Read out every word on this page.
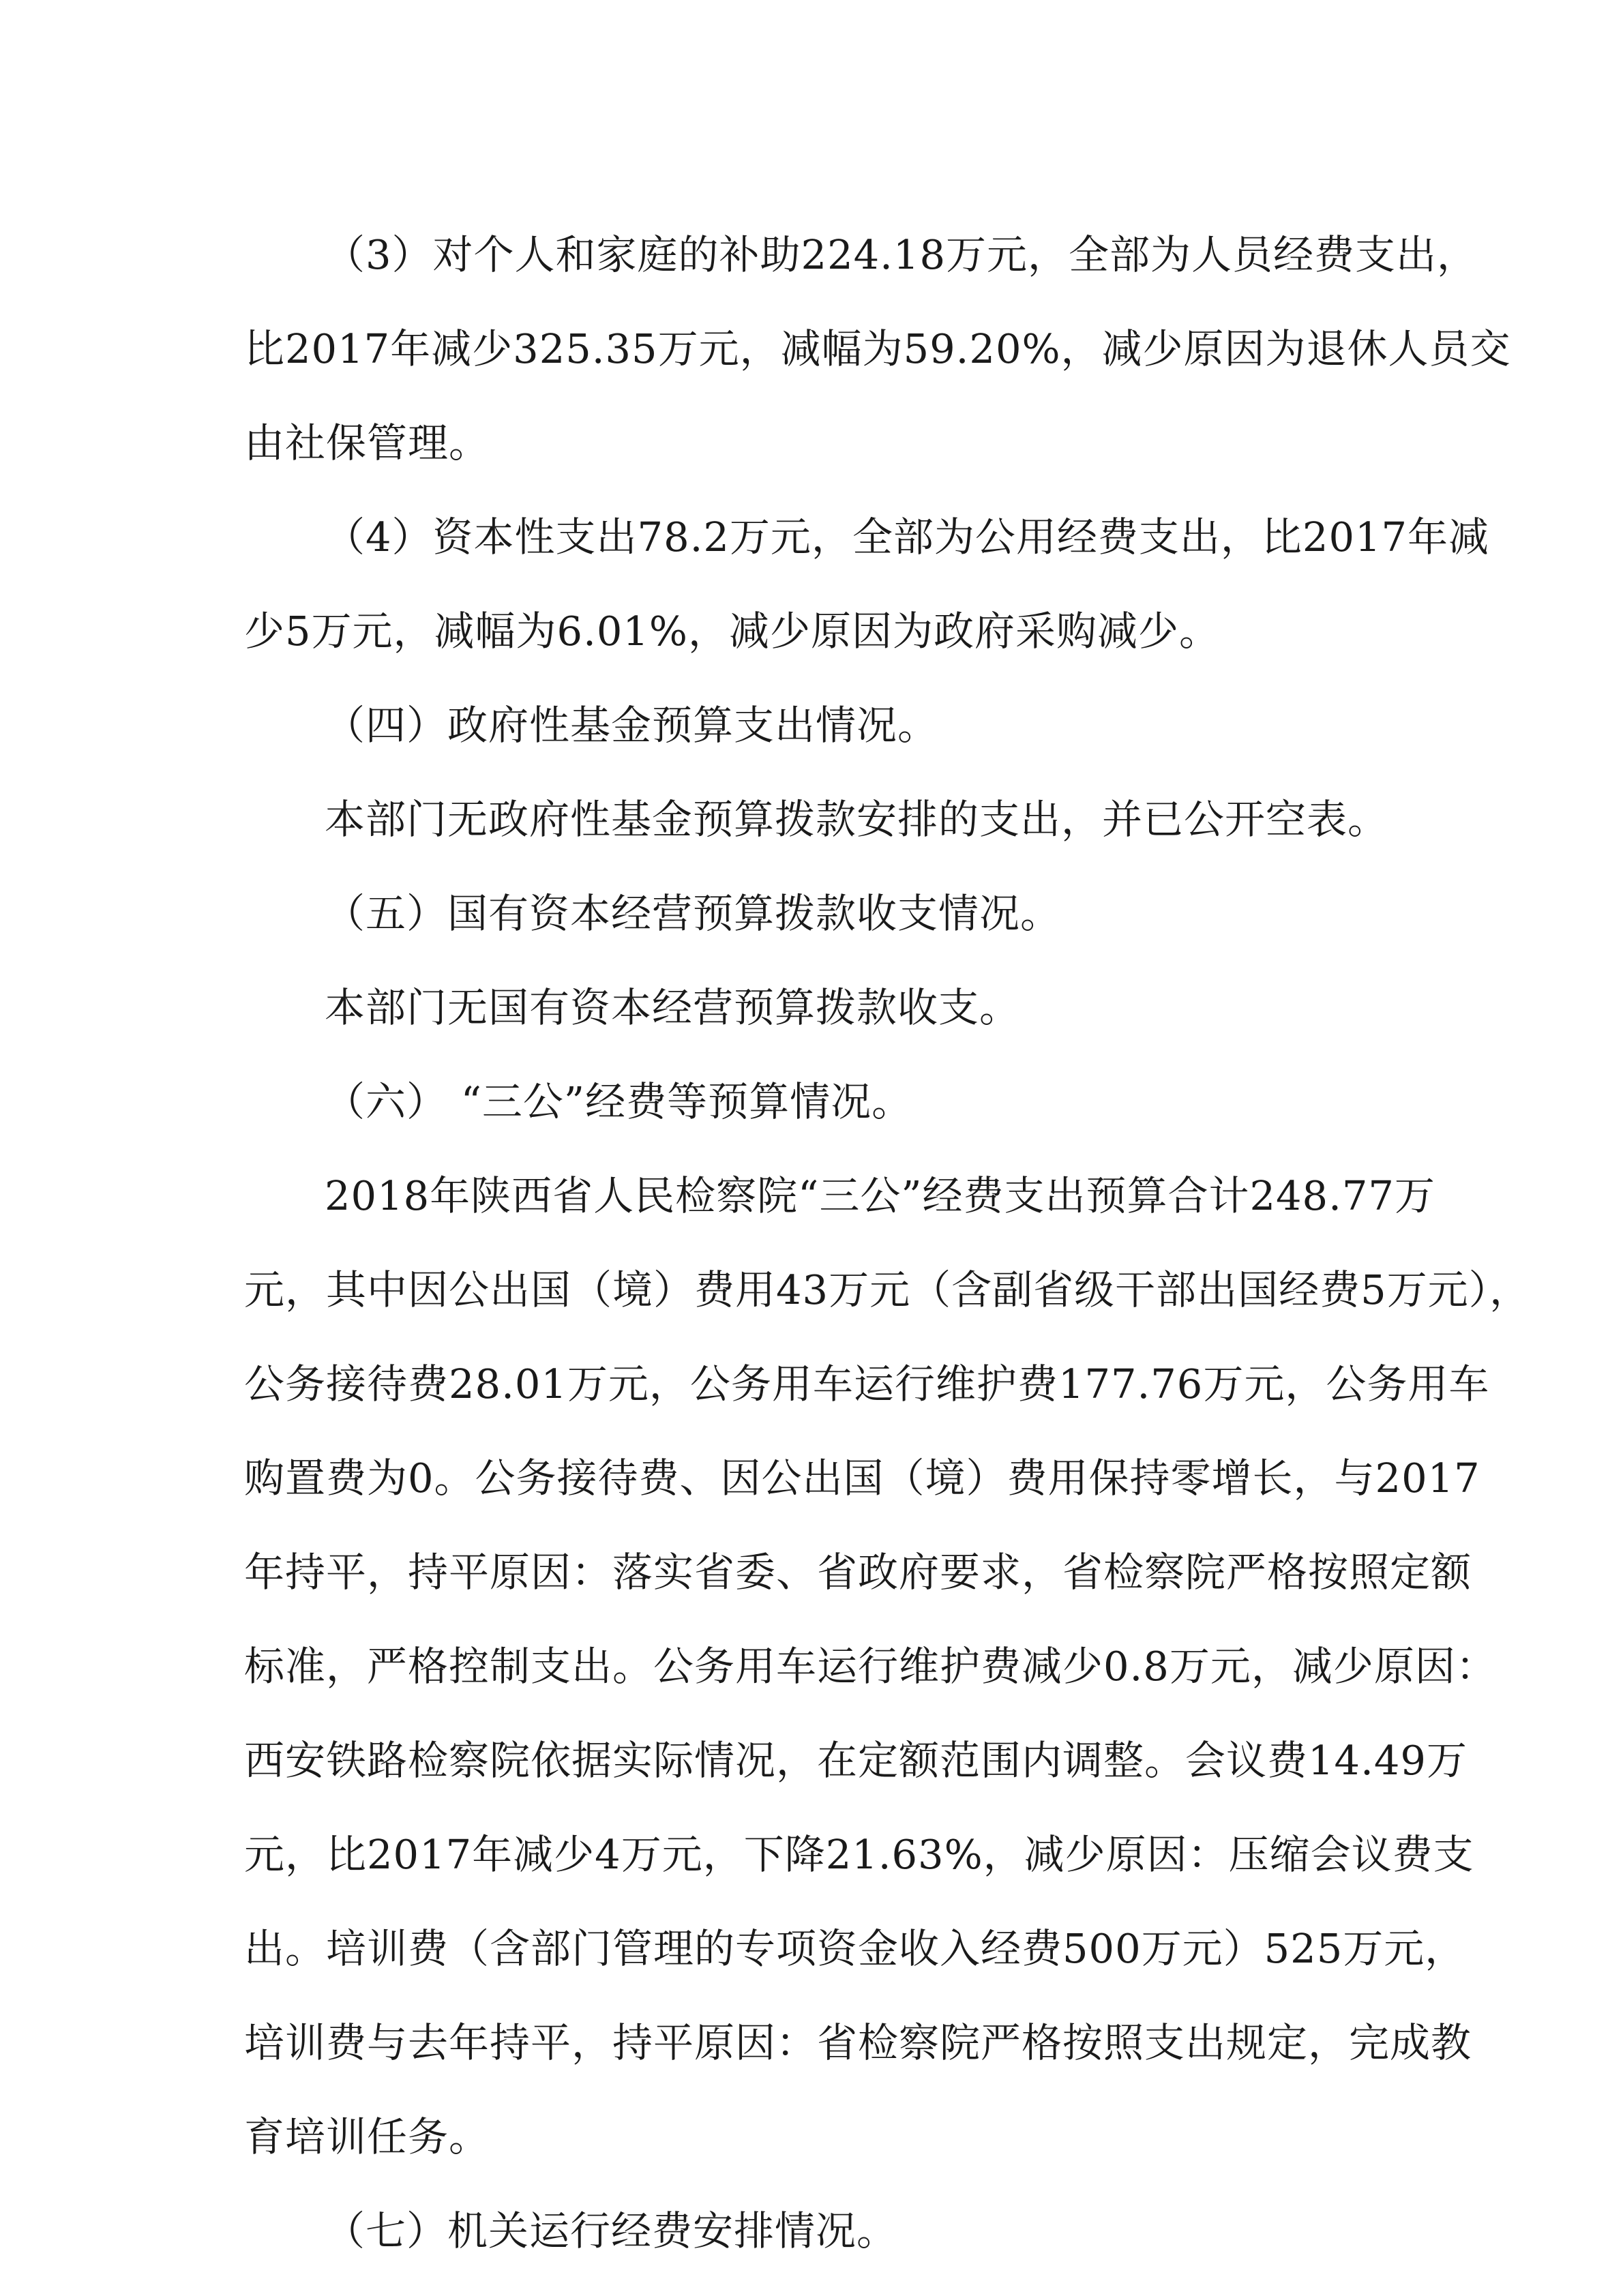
（3）对个人和家庭的补助224.18万元，全部为人员经费支出，
比2017年减少325.35万元，减幅为59.20%，减少原因为退休人员交
由社保管理。
（4）资本性支出78.2万元，全部为公用经费支出，比2017年减
少5万元，减幅为6.01%，减少原因为政府采购减少。
（四）政府性基金预算支出情况。
本部门无政府性基金预算拨款安排的支出，并已公开空表。
（五）国有资本经营预算拨款收支情况。
本部门无国有资本经营预算拨款收支。
（六） “三公”经费等预算情况。
2018年陕西省人民检察院“三公”经费支出预算合计248.77万
元，其中因公出国（境）费用43万元（含副省级干部出国经费5万元），
公务接待费28.01万元，公务用车运行维护费177.76万元，公务用车
购置费为0。公务接待费、因公出国（境）费用保持零增长，与2017
年持平，持平原因：落实省委、省政府要求，省检察院严格按照定额
标准，严格控制支出。公务用车运行维护费减少0.8万元，减少原因：
西安铁路检察院依据实际情况，在定额范围内调整。会议费14.49万
元，比2017年减少4万元，下降21.63%，减少原因：压缩会议费支
出。培训费（含部门管理的专项资金收入经费500万元）525万元，
培训费与去年持平，持平原因：省检察院严格按照支出规定，完成教
育培训任务。
（七）机关运行经费安排情况。
